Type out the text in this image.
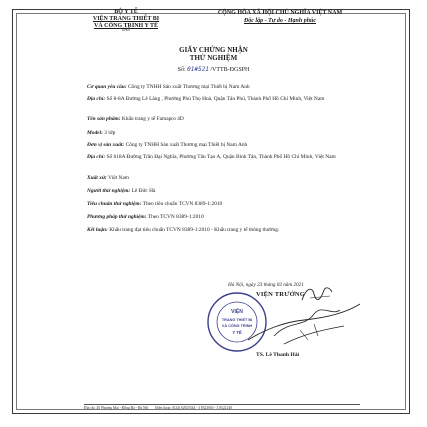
BỘ Y TẾ
VIỆN TRANG THIẾT BỊ
VÀ CÔNG TRÌNH Y TẾ
0A5
CỘNG HÒA XÃ HỘI CHỦ NGHĨA VIỆT NAM
Độc lập - Tự do - Hạnh phúc
GIẤY CHỨNG NHẬN
THỬ NGHIỆM
Số: 01#521 /VTTB-ĐGSPH
Cơ quan yêu cầu: Công ty TNHH Sản xuất Thương mại Thiết bị Nam Anh
Địa chỉ: Số 8-8A Đường Lê Lăng , Phường Phú Thọ Hoà, Quận Tân Phú, Thành Phố Hồ Chí Minh, Việt Nam
Tên sản phẩm: Khẩu trang y tế Famapro 4D
Model: 3 lớp
Đơn vị sản xuất: Công ty TNHH Sản xuất Thương mại Thiết bị Nam Anh
Địa chỉ: Số 618A Đường Trần Đại Nghĩa, Phường Tân Tạo A, Quận Bình Tân, Thành Phố Hồ Chí Minh, Việt Nam
Xuất xứ: Việt Nam
Người thử nghiệm: Lê Đức Hà
Tiêu chuẩn thử nghiệm: Theo tiêu chuẩn TCVN 8389-1:2010
Phương pháp thử nghiệm: Theo TCVN 8389-1:2010
Kết luận: Khẩu trang đạt tiêu chuẩn TCVN 8389-1:2010 - Khẩu trang y tế thông thường.
Hà Nội, ngày 23 tháng 03 năm 2021
VIỆN
TRANG THIẾT BỊ
VÀ CÔNG TRÌNH
Y TẾ
VIỆN TRƯỞNG
TS. Lê Thanh Hải
Địa chỉ: 40 Phương Mai - Đống Đa - Hà Nội Điện thoại: (024) 62925544 - 3 8523065 - 3 8522148
